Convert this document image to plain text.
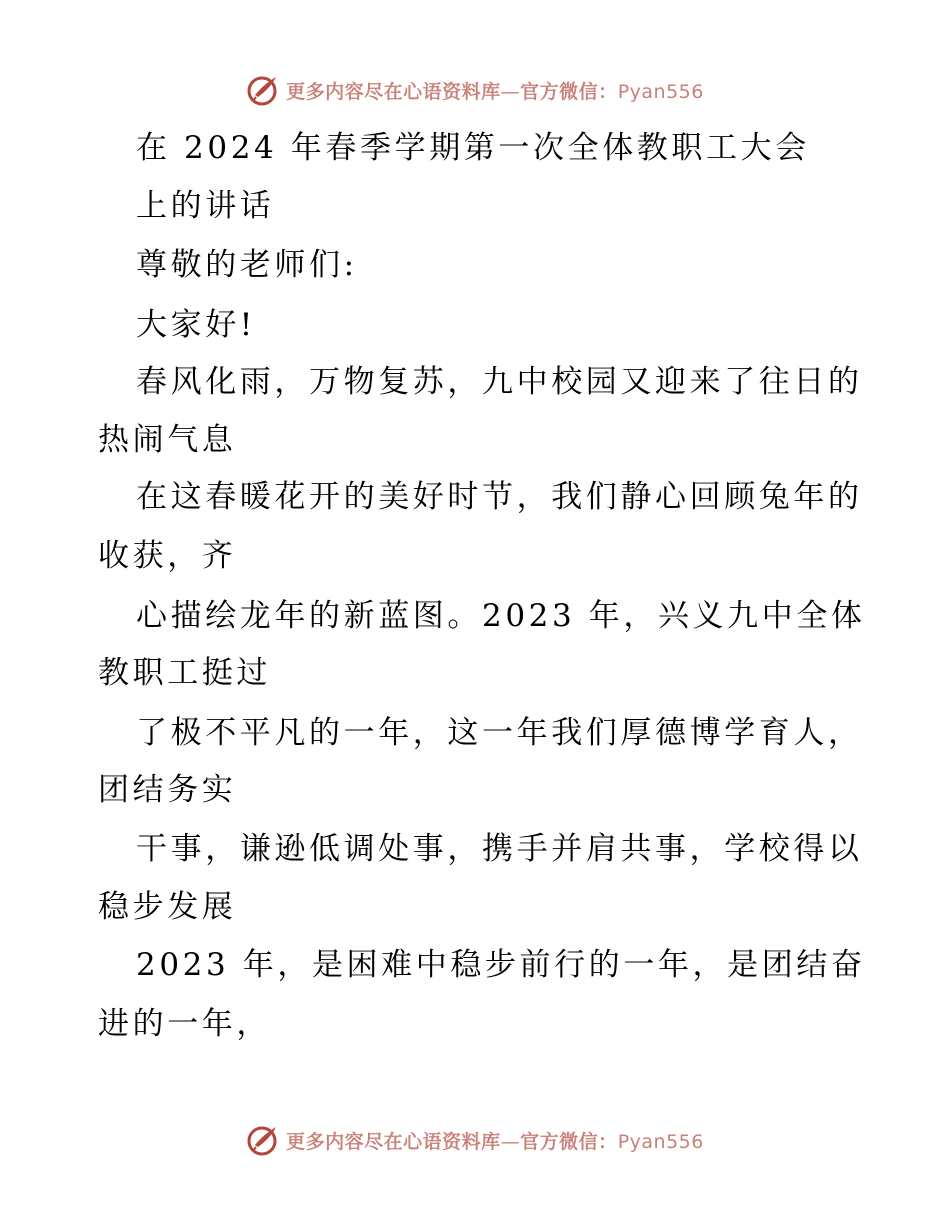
更多内容尽在心语资料库—官方微信：Pyan556
在 2024 年春季学期第一次全体教职工大会
上的讲话
尊敬的老师们:
大家好!
春风化雨，万物复苏，九中校园又迎来了往日的
热闹气息
在这春暖花开的美好时节，我们静心回顾兔年的
收获，齐
心描绘龙年的新蓝图。2023 年，兴义九中全体
教职工挺过
了极不平凡的一年，这一年我们厚德博学育人，
团结务实
干事，谦逊低调处事，携手并肩共事，学校得以
稳步发展
2023 年，是困难中稳步前行的一年，是团结奋
进的一年，
更多内容尽在心语资料库—官方微信：Pyan556
